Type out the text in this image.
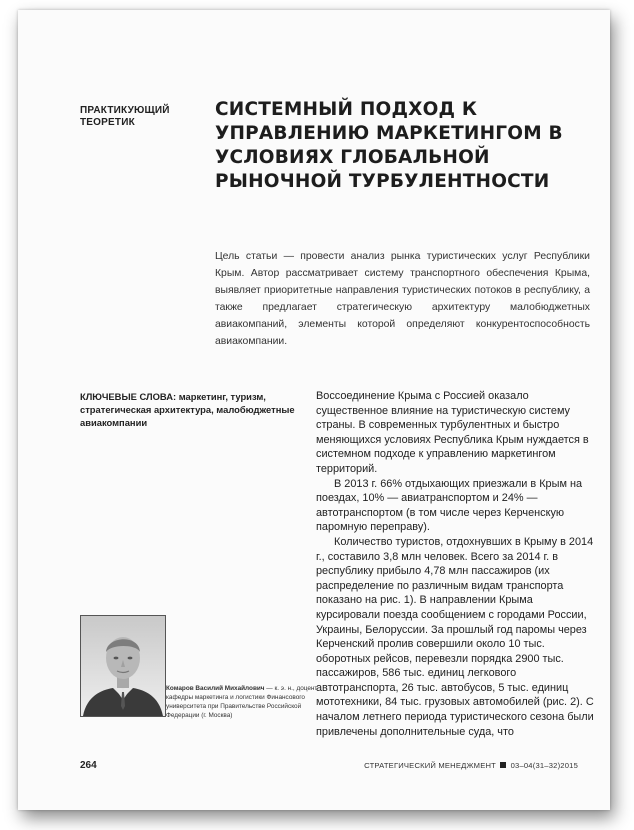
ПРАКТИКУЮЩИЙ ТЕОРЕТИК
СИСТЕМНЫЙ ПОДХОД К УПРАВЛЕНИЮ МАРКЕТИНГОМ В УСЛОВИЯХ ГЛОБАЛЬНОЙ РЫНОЧНОЙ ТУРБУЛЕНТНОСТИ

Цель статьи — провести анализ рынка туристических услуг Республики Крым. Автор рассматривает систему транспортного обеспечения Крыма, выявляет приоритетные направления туристических потоков в республику, а также предлагает стратегическую архитектуру малобюджетных авиакомпаний, элементы которой определяют конкурентоспособность авиакомпании.

КЛЮЧЕВЫЕ СЛОВА: маркетинг, туризм, стратегическая архитектура, малобюджетные авиакомпании

Воссоединение Крыма с Россией оказало существенное влияние на туристическую систему страны. В современных турбулентных и быстро меняющихся условиях Республика Крым нуждается в системном подходе к управлению маркетингом территорий.

В 2013 г. 66% отдыхающих приезжали в Крым на поездах, 10% — авиатранспортом и 24% — автотранспортом (в том числе через Керченскую паромную переправу).

Количество туристов, отдохнувших в Крыму в 2014 г., составило 3,8 млн человек. Всего за 2014 г. в республику прибыло 4,78 млн пассажиров (их распределение по различным видам транспорта показано на рис. 1). В направлении Крыма курсировали поезда сообщением с городами России, Украины, Белоруссии. За прошлый год паромы через Керченский пролив совершили около 10 тыс. оборотных рейсов, перевезли порядка 2900 тыс. пассажиров, 586 тыс. единиц легкового автотранспорта, 26 тыс. автобусов, 5 тыс. единиц мототехники, 84 тыс. грузовых автомобилей (рис. 2). С началом летнего периода туристического сезона были привлечены дополнительные суда, что

Комаров Василий Михайлович — к. э. н., доцент кафедры маркетинга и логистики Финансового университета при Правительстве Российской Федерации (г. Москва)
264	СТРАТЕГИЧЕСКИЙ МЕНЕДЖМЕНТ 03–04(31–32)2015
